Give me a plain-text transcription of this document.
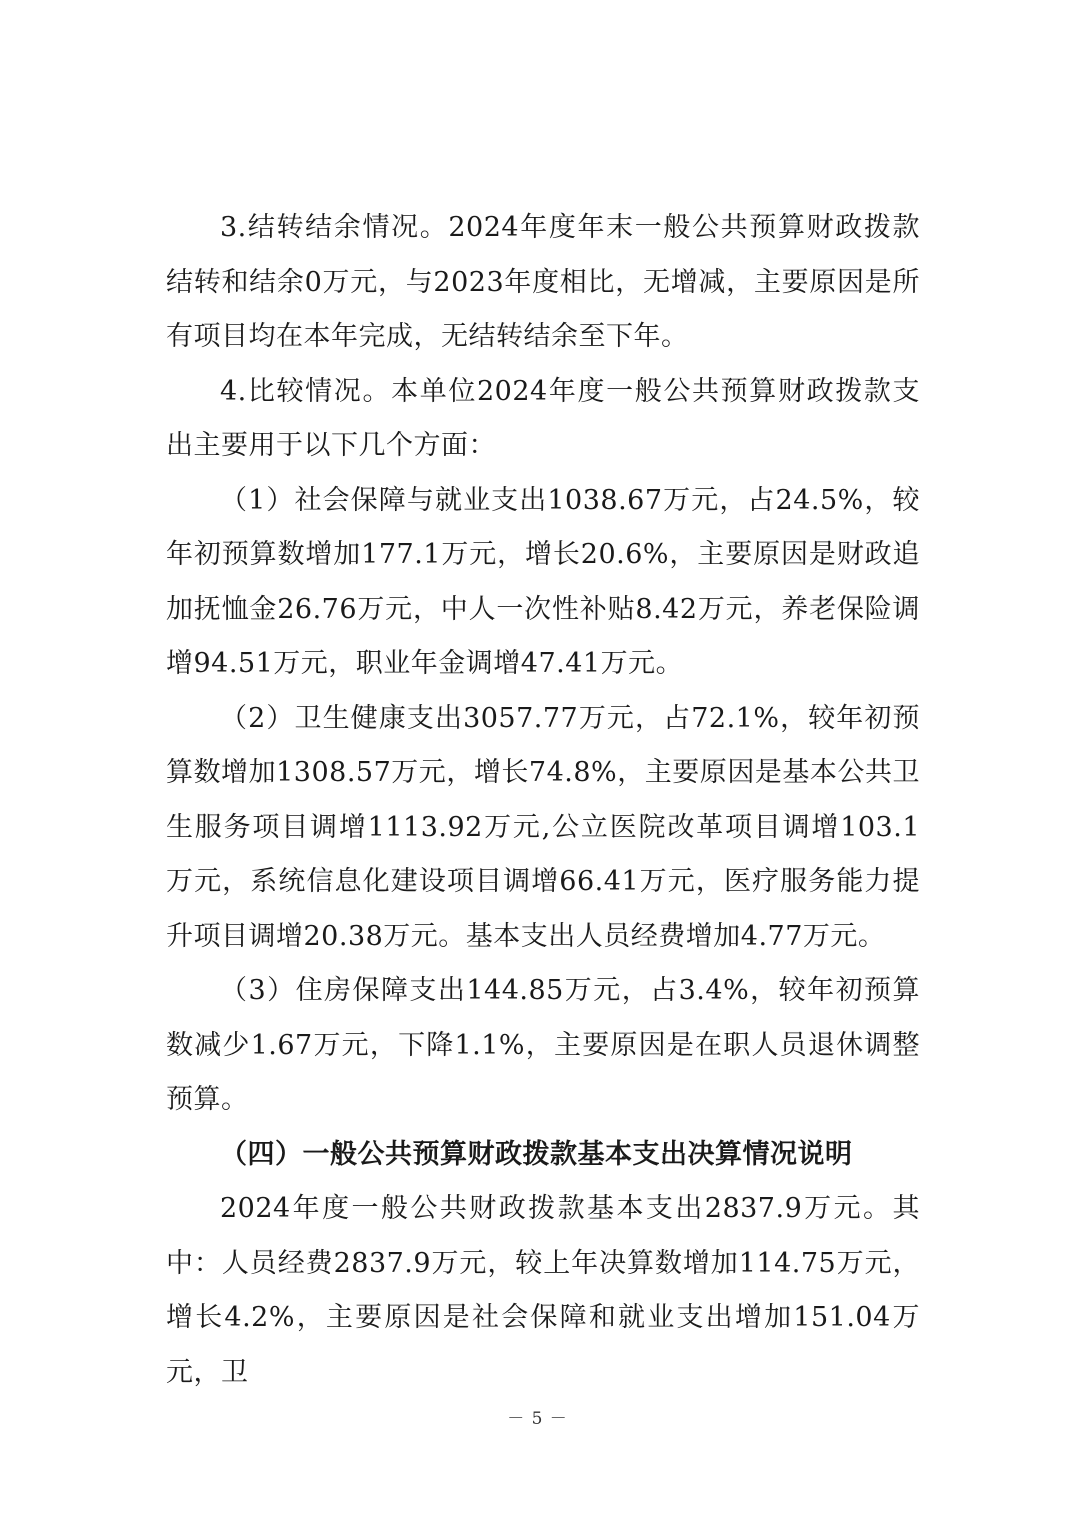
3.结转结余情况。2024年度年末一般公共预算财政拨款结转和结余0万元，与2023年度相比，无增减，主要原因是所有项目均在本年完成，无结转结余至下年。

4.比较情况。本单位2024年度一般公共预算财政拨款支出主要用于以下几个方面：

（1）社会保障与就业支出1038.67万元，占24.5%，较年初预算数增加177.1万元，增长20.6%，主要原因是财政追加抚恤金26.76万元，中人一次性补贴8.42万元，养老保险调增94.51万元，职业年金调增47.41万元。

（2）卫生健康支出3057.77万元，占72.1%，较年初预算数增加1308.57万元，增长74.8%，主要原因是基本公共卫生服务项目调增1113.92万元,公立医院改革项目调增103.1万元，系统信息化建设项目调增66.41万元，医疗服务能力提升项目调增20.38万元。基本支出人员经费增加4.77万元。

（3）住房保障支出144.85万元，占3.4%，较年初预算数减少1.67万元，下降1.1%，主要原因是在职人员退休调整预算。

（四）一般公共预算财政拨款基本支出决算情况说明

2024年度一般公共财政拨款基本支出2837.9万元。其中：人员经费2837.9万元，较上年决算数增加114.75万元，增长4.2%，主要原因是社会保障和就业支出增加151.04万元，卫

－ 5 －
